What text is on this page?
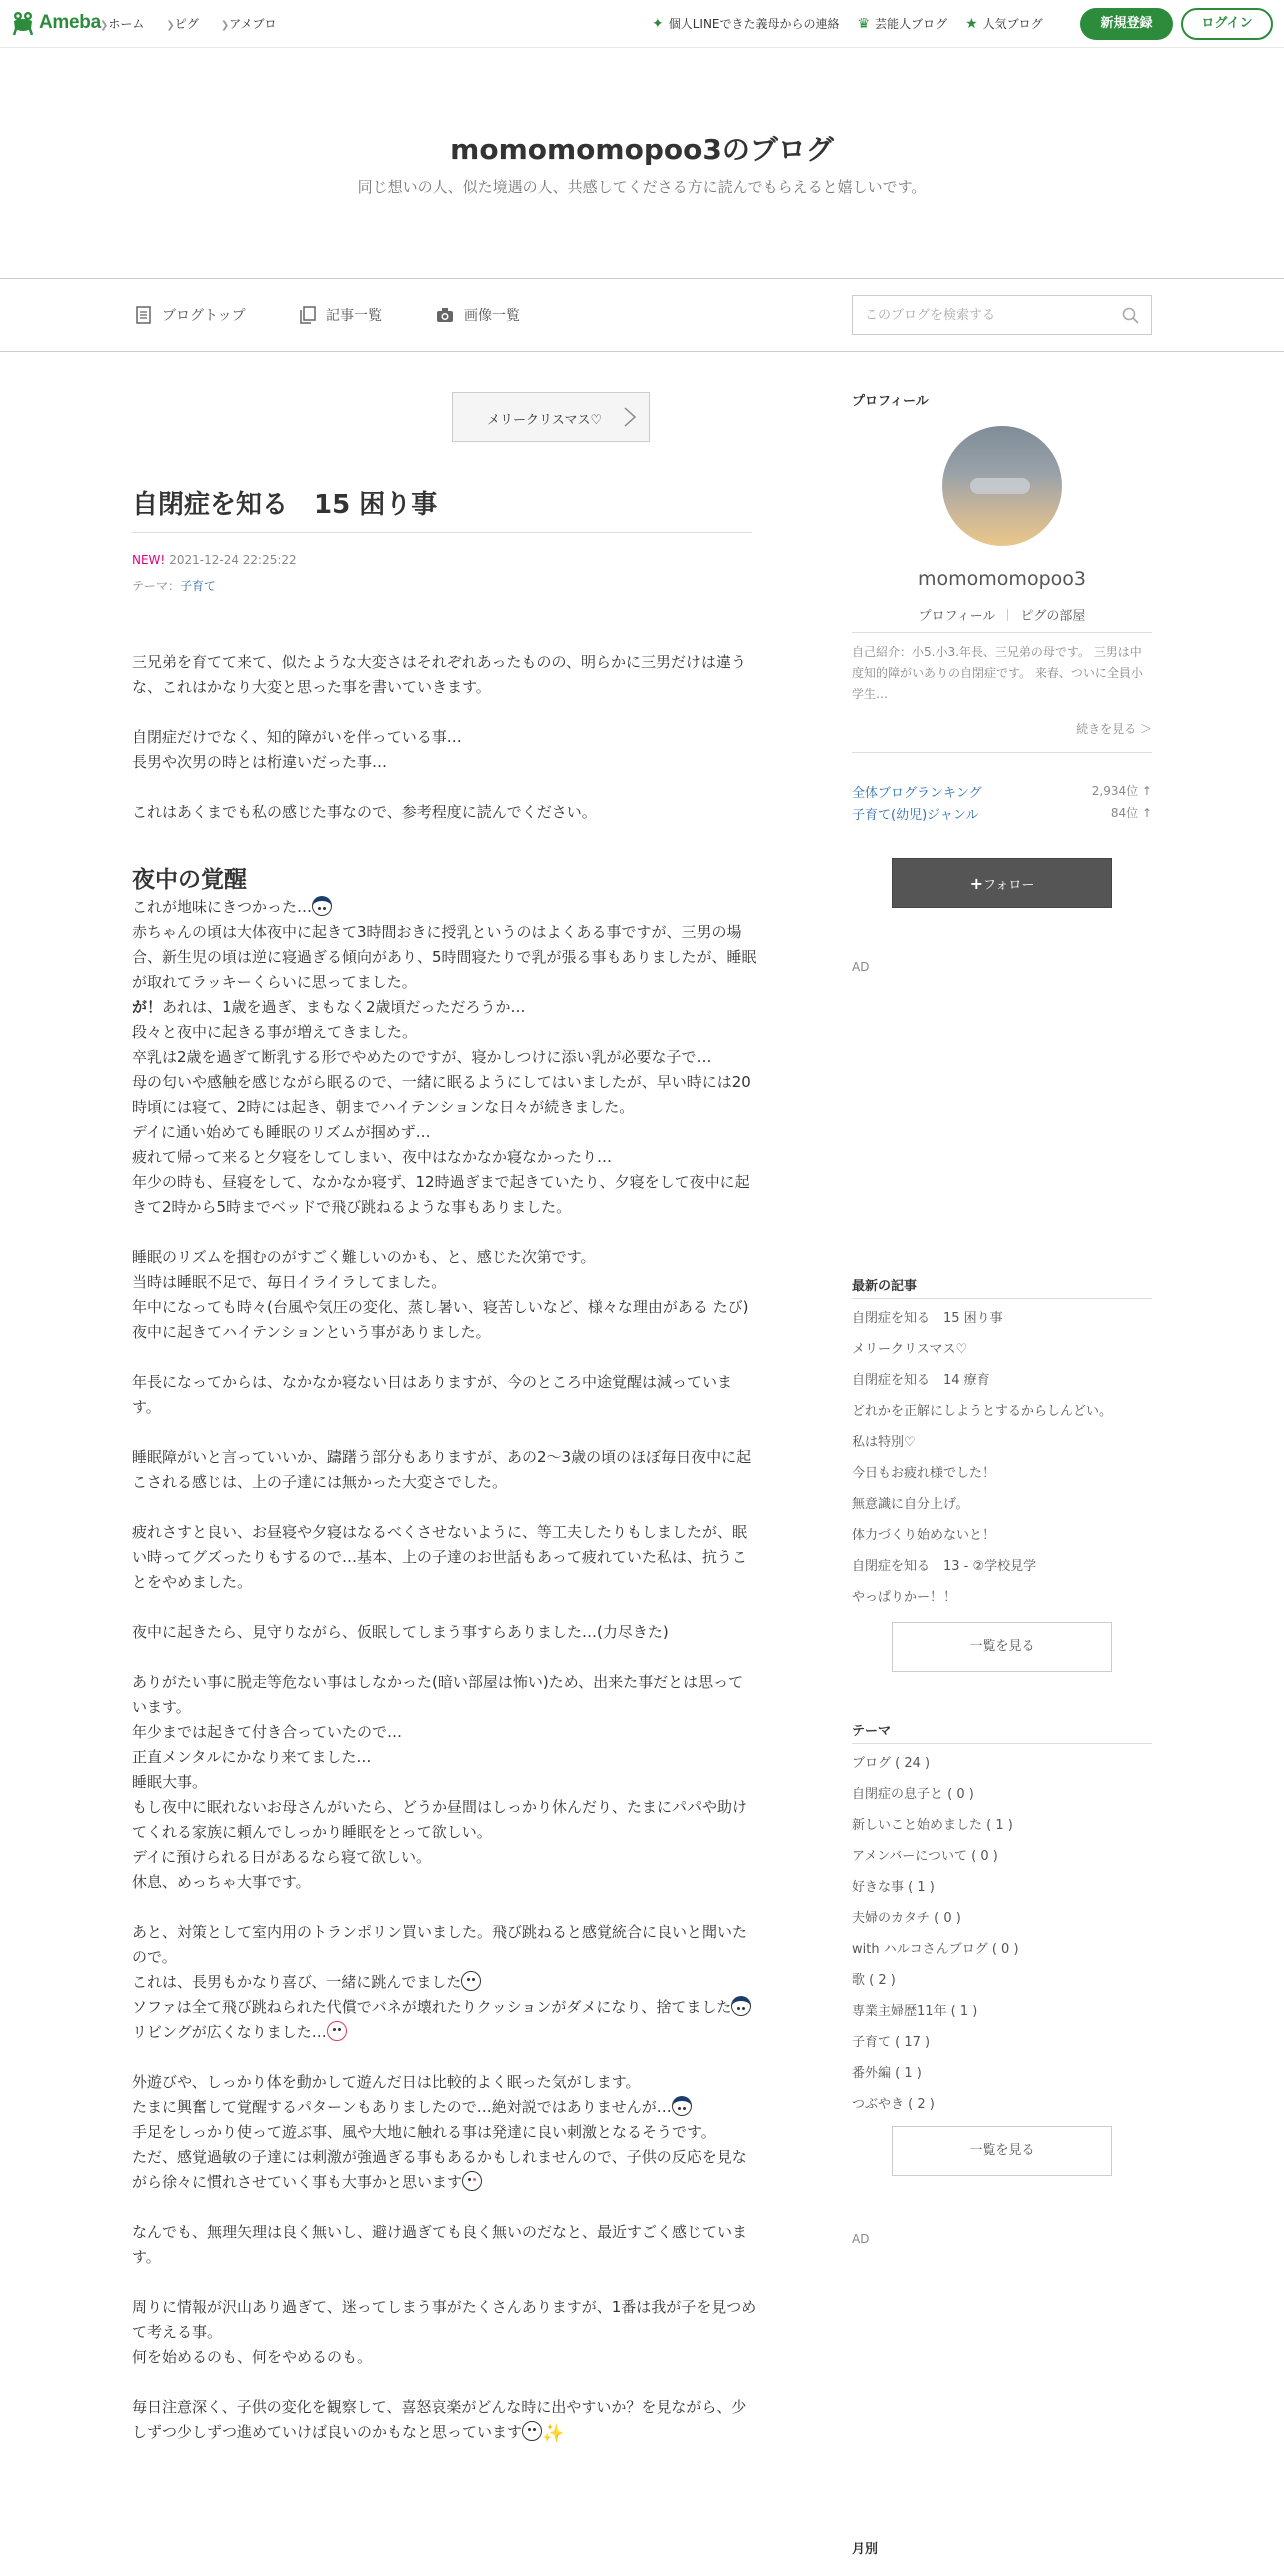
Ameba ❯ホーム ❯ピグ ❯アメブロ	✦ 個人LINEできた義母からの連絡 ♛ 芸能人ブログ ★ 人気ブログ	新規登録	ログイン
momomomopoo3のブログ
同じ想いの人、似た境遇の人、共感してくださる方に読んでもらえると嬉しいです。
ブログトップ	記事一覧	画像一覧
このブログを検索する
メリークリスマス♡
自閉症を知る　15 困り事
NEW! 2021-12-24 22:25:22
テーマ：子育て

三兄弟を育てて来て、似たような大変さはそれぞれあったものの、明らかに三男だけは違うな、これはかなり大変と思った事を書いていきます。

自閉症だけでなく、知的障がいを伴っている事…

長男や次男の時とは桁違いだった事…

これはあくまでも私の感じた事なので、参考程度に読んでください。

夜中の覚醒

これが地味にきつかった…

赤ちゃんの頃は大体夜中に起きて3時間おきに授乳というのはよくある事ですが、三男の場合、新生児の頃は逆に寝過ぎる傾向があり、5時間寝たりで乳が張る事もありましたが、睡眠が取れてラッキーくらいに思ってました。

が！あれは、1歳を過ぎ、まもなく2歳頃だっただろうか…

段々と夜中に起きる事が増えてきました。

卒乳は2歳を過ぎて断乳する形でやめたのですが、寝かしつけに添い乳が必要な子で…

母の匂いや感触を感じながら眠るので、一緒に眠るようにしてはいましたが、早い時には20時頃には寝て、2時には起き、朝までハイテンションな日々が続きました。

デイに通い始めても睡眠のリズムが掴めず…

疲れて帰って来ると夕寝をしてしまい、夜中はなかなか寝なかったり…

年少の時も、昼寝をして、なかなか寝ず、12時過ぎまで起きていたり、夕寝をして夜中に起きて2時から5時までベッドで飛び跳ねるような事もありました。

睡眠のリズムを掴むのがすごく難しいのかも、と、感じた次第です。

当時は睡眠不足で、毎日イライラしてました。

年中になっても時々(台風や気圧の変化、蒸し暑い、寝苦しいなど、様々な理由がある たび)夜中に起きてハイテンションという事がありました。

年長になってからは、なかなか寝ない日はありますが、今のところ中途覚醒は減っています。

睡眠障がいと言っていいか、躊躇う部分もありますが、あの2〜3歳の頃のほぼ毎日夜中に起こされる感じは、上の子達には無かった大変さでした。

疲れさすと良い、お昼寝や夕寝はなるべくさせないように、等工夫したりもしましたが、眠い時ってグズったりもするので…基本、上の子達のお世話もあって疲れていた私は、抗うことをやめました。

夜中に起きたら、見守りながら、仮眠してしまう事すらありました…(力尽きた)

ありがたい事に脱走等危ない事はしなかった(暗い部屋は怖い)ため、出来た事だとは思っています。

年少までは起きて付き合っていたので…

正直メンタルにかなり来てました…

睡眠大事。

もし夜中に眠れないお母さんがいたら、どうか昼間はしっかり休んだり、たまにパパや助けてくれる家族に頼んでしっかり睡眠をとって欲しい。

デイに預けられる日があるなら寝て欲しい。

休息、めっちゃ大事です。

あと、対策として室内用のトランポリン買いました。飛び跳ねると感覚統合に良いと聞いたので。

これは、長男もかなり喜び、一緒に跳んでました

ソファは全て飛び跳ねられた代償でバネが壊れたりクッションがダメになり、捨てました

リビングが広くなりました…

外遊びや、しっかり体を動かして遊んだ日は比較的よく眠った気がします。

たまに興奮して覚醒するパターンもありましたので…絶対説ではありませんが…

手足をしっかり使って遊ぶ事、風や大地に触れる事は発達に良い刺激となるそうです。

ただ、感覚過敏の子達には刺激が強過ぎる事もあるかもしれませんので、子供の反応を見ながら徐々に慣れさせていく事も大事かと思います

なんでも、無理矢理は良く無いし、避け過ぎても良く無いのだなと、最近すごく感じています。

周りに情報が沢山あり過ぎて、迷ってしまう事がたくさんありますが、1番は我が子を見つめて考える事。

何を始めるのも、何をやめるのも。

毎日注意深く、子供の変化を観察して、喜怒哀楽がどんな時に出やすいか？を見ながら、少しずつ少しずつ進めていけば良いのかもなと思っています ✨

プロフィール
momomomopoo3
プロフィール ピグの部屋
自己紹介：小5.小3.年長、三兄弟の母です。 三男は中度知的障がいありの自閉症です。 来春、ついに全員小学生…
続きを見る ＞
全体ブログランキング	2,934位 ↑
子育て(幼児)ジャンル	84位 ↑
+フォロー
AD
最新の記事
自閉症を知る　15 困り事
メリークリスマス♡
自閉症を知る　14 療育
どれかを正解にしようとするからしんどい。
私は特別♡
今日もお疲れ様でした！
無意識に自分上げ。
体力づくり始めないと！
自閉症を知る　13 - ②学校見学
やっぱりかー！！
一覧を見る
テーマ
ブログ ( 24 )
自閉症の息子と ( 0 )
新しいこと始めました ( 1 )
アメンバーについて ( 0 )
好きな事 ( 1 )
夫婦のカタチ ( 0 )
with ハルコさんブログ ( 0 )
歌 ( 2 )
専業主婦歴11年 ( 1 )
子育て ( 17 )
番外編 ( 1 )
つぶやき ( 2 )
一覧を見る
AD
月別
